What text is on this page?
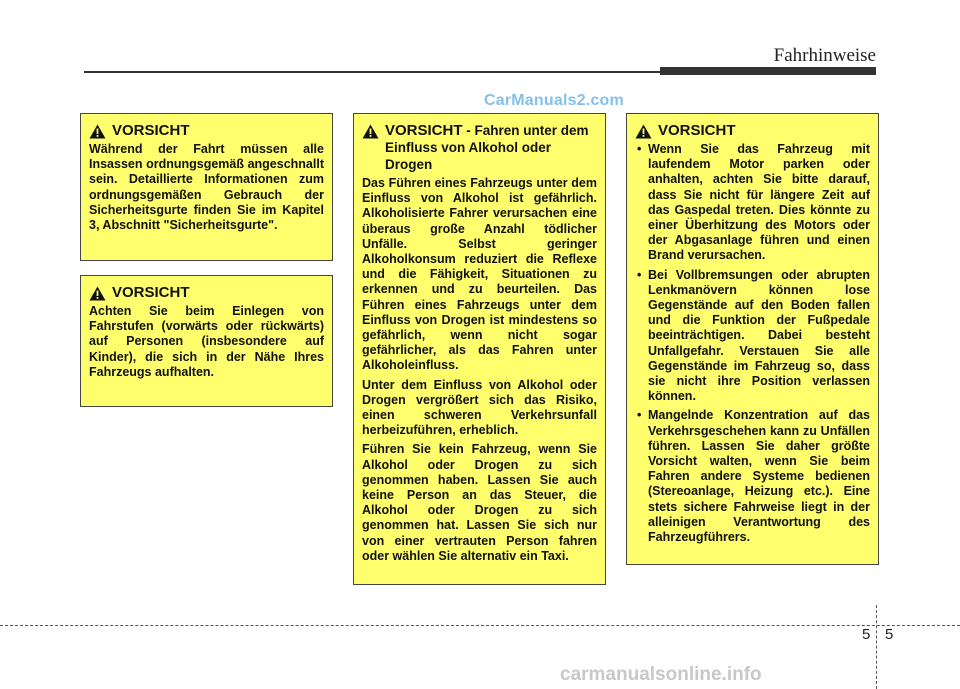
Fahrhinweise
CarManuals2.com
VORSICHT

Während der Fahrt müssen alle Insassen ordnungsgemäß angeschnallt sein. Detaillierte Informationen zum ordnungsgemäßen Gebrauch der Sicherheitsgurte finden Sie im Kapitel 3, Abschnitt "Sicherheitsgurte".

VORSICHT

Achten Sie beim Einlegen von Fahrstufen (vorwärts oder rückwärts) auf Personen (insbesondere auf Kinder), die sich in der Nähe Ihres Fahrzeugs aufhalten.

VORSICHT - Fahren unter dem Einfluss von Alkohol oder Drogen

Das Führen eines Fahrzeugs unter dem Einfluss von Alkohol ist gefährlich. Alkoholisierte Fahrer verursachen eine überaus große Anzahl tödlicher Unfälle. Selbst geringer Alkoholkonsum reduziert die Reflexe und die Fähigkeit, Situationen zu erkennen und zu beurteilen. Das Führen eines Fahrzeugs unter dem Einfluss von Drogen ist mindestens so gefährlich, wenn nicht sogar gefährlicher, als das Fahren unter Alkoholeinfluss.

Unter dem Einfluss von Alkohol oder Drogen vergrößert sich das Risiko, einen schweren Verkehrsunfall herbeizuführen, erheblich.

Führen Sie kein Fahrzeug, wenn Sie Alkohol oder Drogen zu sich genommen haben. Lassen Sie auch keine Person an das Steuer, die Alkohol oder Drogen zu sich genommen hat. Lassen Sie sich nur von einer vertrauten Person fahren oder wählen Sie alternativ ein Taxi.

VORSICHT
• Wenn Sie das Fahrzeug mit laufendem Motor parken oder anhalten, achten Sie bitte darauf, dass Sie nicht für längere Zeit auf das Gaspedal treten. Dies könnte zu einer Überhitzung des Motors oder der Abgasanlage führen und einen Brand verursachen.
• Bei Vollbremsungen oder abrupten Lenkmanövern können lose Gegenstände auf den Boden fallen und die Funktion der Fußpedale beeinträchtigen. Dabei besteht Unfallgefahr. Verstauen Sie alle Gegenstände im Fahrzeug so, dass sie nicht ihre Position verlassen können.
• Mangelnde Konzentration auf das Verkehrsgeschehen kann zu Unfällen führen. Lassen Sie daher größte Vorsicht walten, wenn Sie beim Fahren andere Systeme bedienen (Stereoanlage, Heizung etc.). Eine stets sichere Fahrweise liegt in der alleinigen Verantwortung des Fahrzeugführers.
5 5
carmanualsonline.info
